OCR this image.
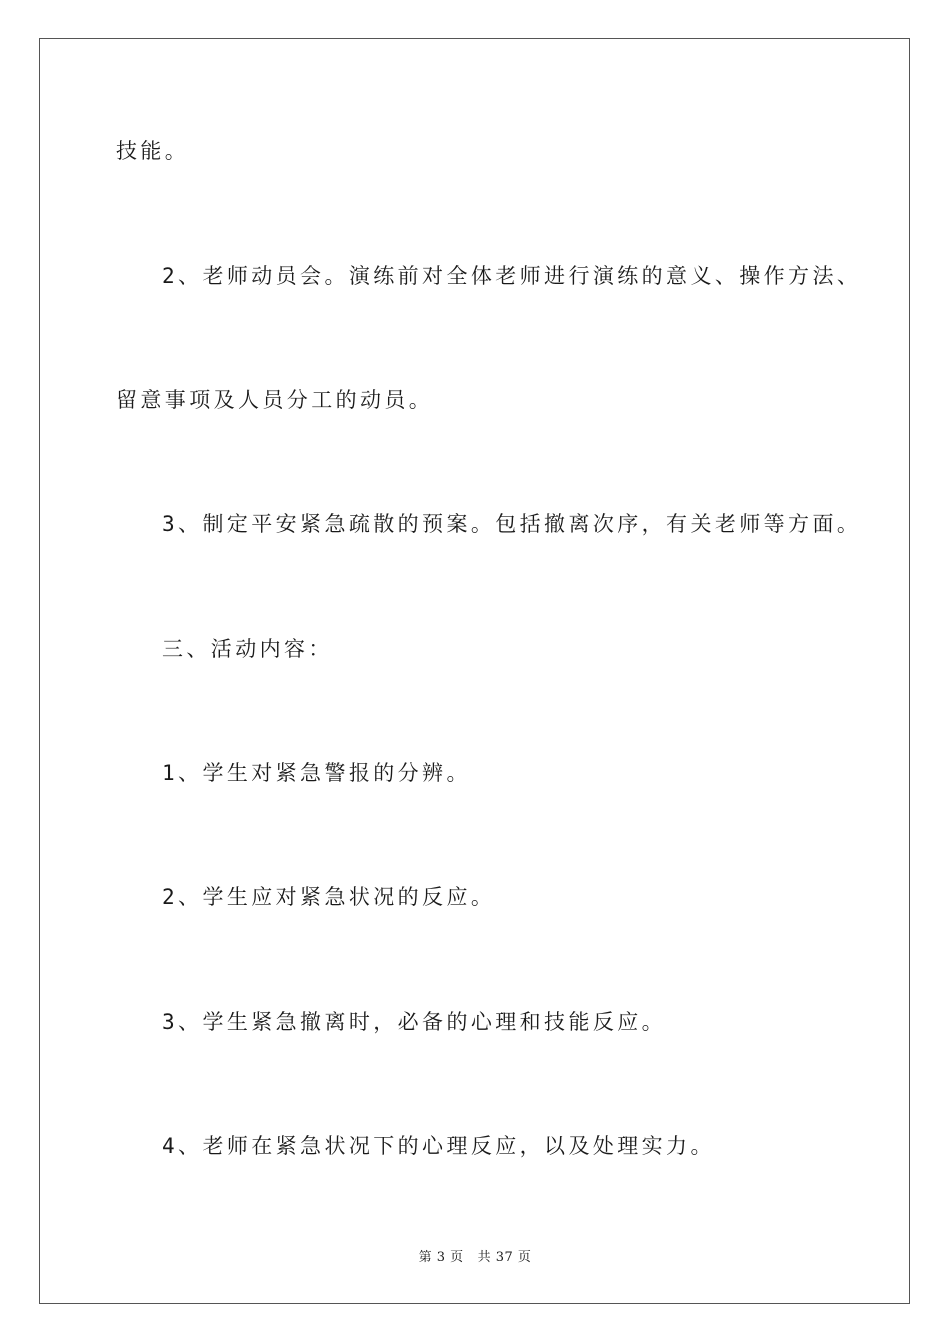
技能。
2、老师动员会。演练前对全体老师进行演练的意义、操作方法、
留意事项及人员分工的动员。
3、制定平安紧急疏散的预案。包括撤离次序，有关老师等方面。
三、活动内容：
1、学生对紧急警报的分辨。
2、学生应对紧急状况的反应。
3、学生紧急撤离时，必备的心理和技能反应。
4、老师在紧急状况下的心理反应，以及处理实力。
第 3 页 共 37 页
